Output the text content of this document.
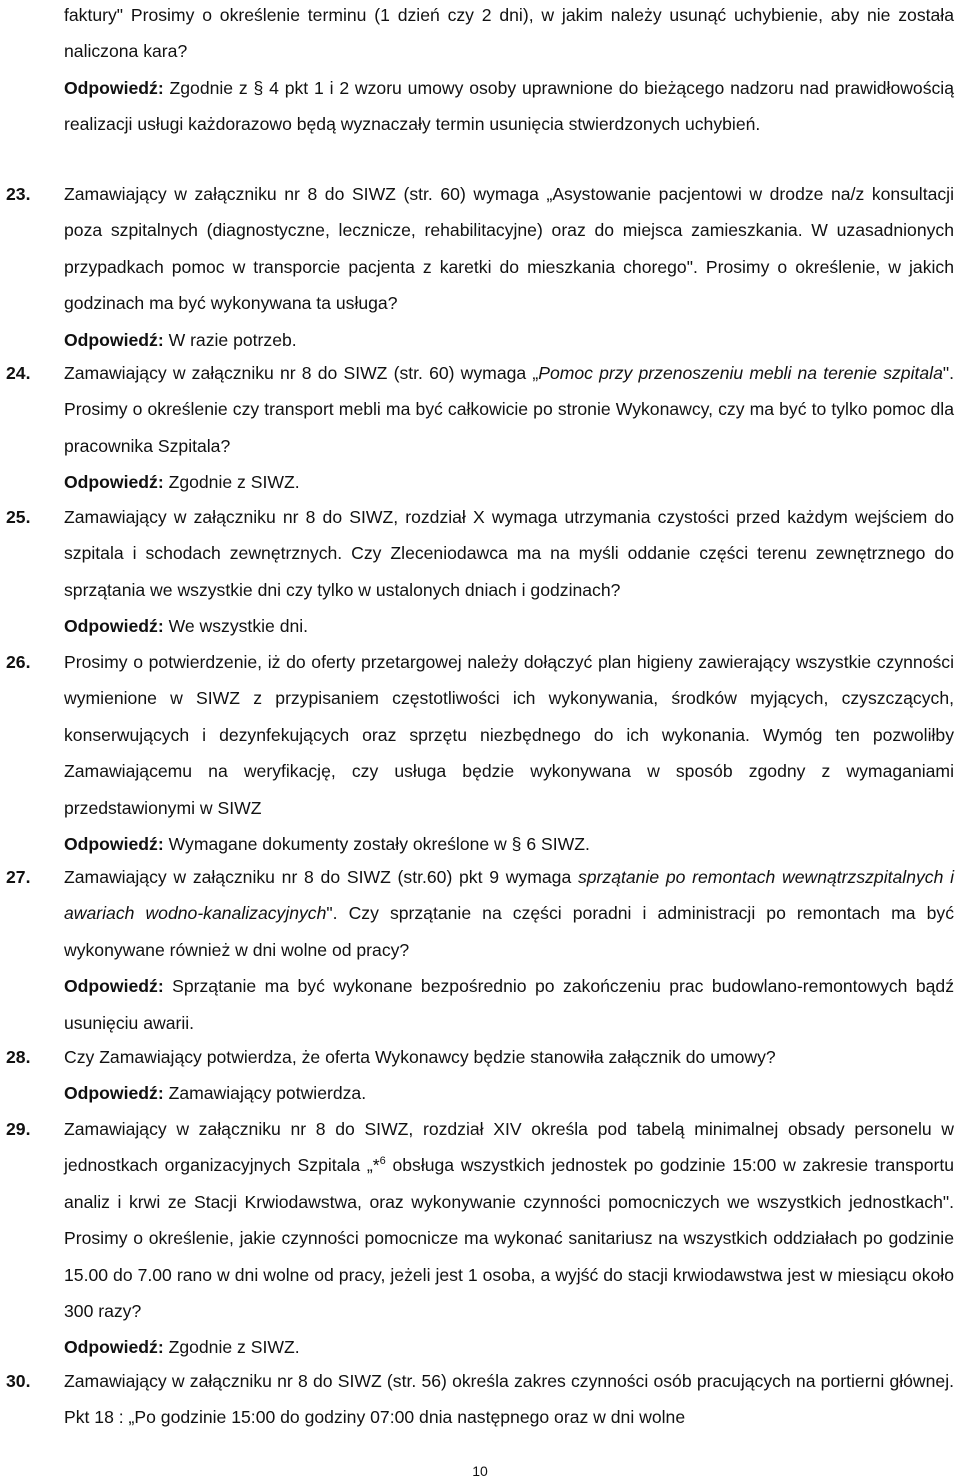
faktury" Prosimy o określenie terminu (1 dzień czy 2 dni), w jakim należy usunąć uchybienie, aby nie została naliczona kara?

Odpowiedź: Zgodnie z § 4 pkt 1 i 2 wzoru umowy osoby uprawnione do bieżącego nadzoru nad prawidłowością realizacji usługi każdorazowo będą wyznaczały termin usunięcia stwierdzonych uchybień.

23. Zamawiający w załączniku nr 8 do SIWZ (str. 60) wymaga „Asystowanie pacjentowi w drodze na/z konsultacji poza szpitalnych (diagnostyczne, lecznicze, rehabilitacyjne) oraz do miejsca zamieszkania. W uzasadnionych przypadkach pomoc w transporcie pacjenta z karetki do mieszkania chorego". Prosimy o określenie, w jakich godzinach ma być wykonywana ta usługa?

Odpowiedź: W razie potrzeb.

24. Zamawiający w załączniku nr 8 do SIWZ (str. 60) wymaga „Pomoc przy przenoszeniu mebli na terenie szpitala". Prosimy o określenie czy transport mebli ma być całkowicie po stronie Wykonawcy, czy ma być to tylko pomoc dla pracownika Szpitala?

Odpowiedź: Zgodnie z SIWZ.

25. Zamawiający w załączniku nr 8 do SIWZ, rozdział X wymaga utrzymania czystości przed każdym wejściem do szpitala i schodach zewnętrznych. Czy Zleceniodawca ma na myśli oddanie części terenu zewnętrznego do sprzątania we wszystkie dni czy tylko w ustalonych dniach i godzinach?

Odpowiedź: We wszystkie dni.

26. Prosimy o potwierdzenie, iż do oferty przetargowej należy dołączyć plan higieny zawierający wszystkie czynności wymienione w SIWZ z przypisaniem częstotliwości ich wykonywania, środków myjących, czyszczących, konserwujących i dezynfekujących oraz sprzętu niezbędnego do ich wykonania. Wymóg ten pozwoliłby Zamawiającemu na weryfikację, czy usługa będzie wykonywana w sposób zgodny z wymaganiami przedstawionymi w SIWZ

Odpowiedź: Wymagane dokumenty zostały określone w § 6 SIWZ.

27. Zamawiający w załączniku nr 8 do SIWZ (str.60) pkt 9 wymaga sprzątanie po remontach wewnątrzszpitalnych i awariach wodno-kanalizacyjnych". Czy sprzątanie na części poradni i administracji po remontach ma być wykonywane również w dni wolne od pracy?

Odpowiedź: Sprzątanie ma być wykonane bezpośrednio po zakończeniu prac budowlano-remontowych bądź usunięciu awarii.

28. Czy Zamawiający potwierdza, że oferta Wykonawcy będzie stanowiła załącznik do umowy?

Odpowiedź: Zamawiający potwierdza.

29. Zamawiający w załączniku nr 8 do SIWZ, rozdział XIV określa pod tabelą minimalnej obsady personelu w jednostkach organizacyjnych Szpitala „*$^6$ obsługa wszystkich jednostek po godzinie 15:00 w zakresie transportu analiz i krwi ze Stacji Krwiodawstwa, oraz wykonywanie czynności pomocniczych we wszystkich jednostkach". Prosimy o określenie, jakie czynności pomocnicze ma wykonać sanitariusz na wszystkich oddziałach po godzinie 15.00 do 7.00 rano w dni wolne od pracy, jeżeli jest 1 osoba, a wyjść do stacji krwiodawstwa jest w miesiącu około 300 razy?

Odpowiedź: Zgodnie z SIWZ.

30. Zamawiający w załączniku nr 8 do SIWZ (str. 56) określa zakres czynności osób pracujących na portierni głównej. Pkt 18 : „Po godzinie 15:00 do godziny 07:00 dnia następnego oraz w dni wolne

10
